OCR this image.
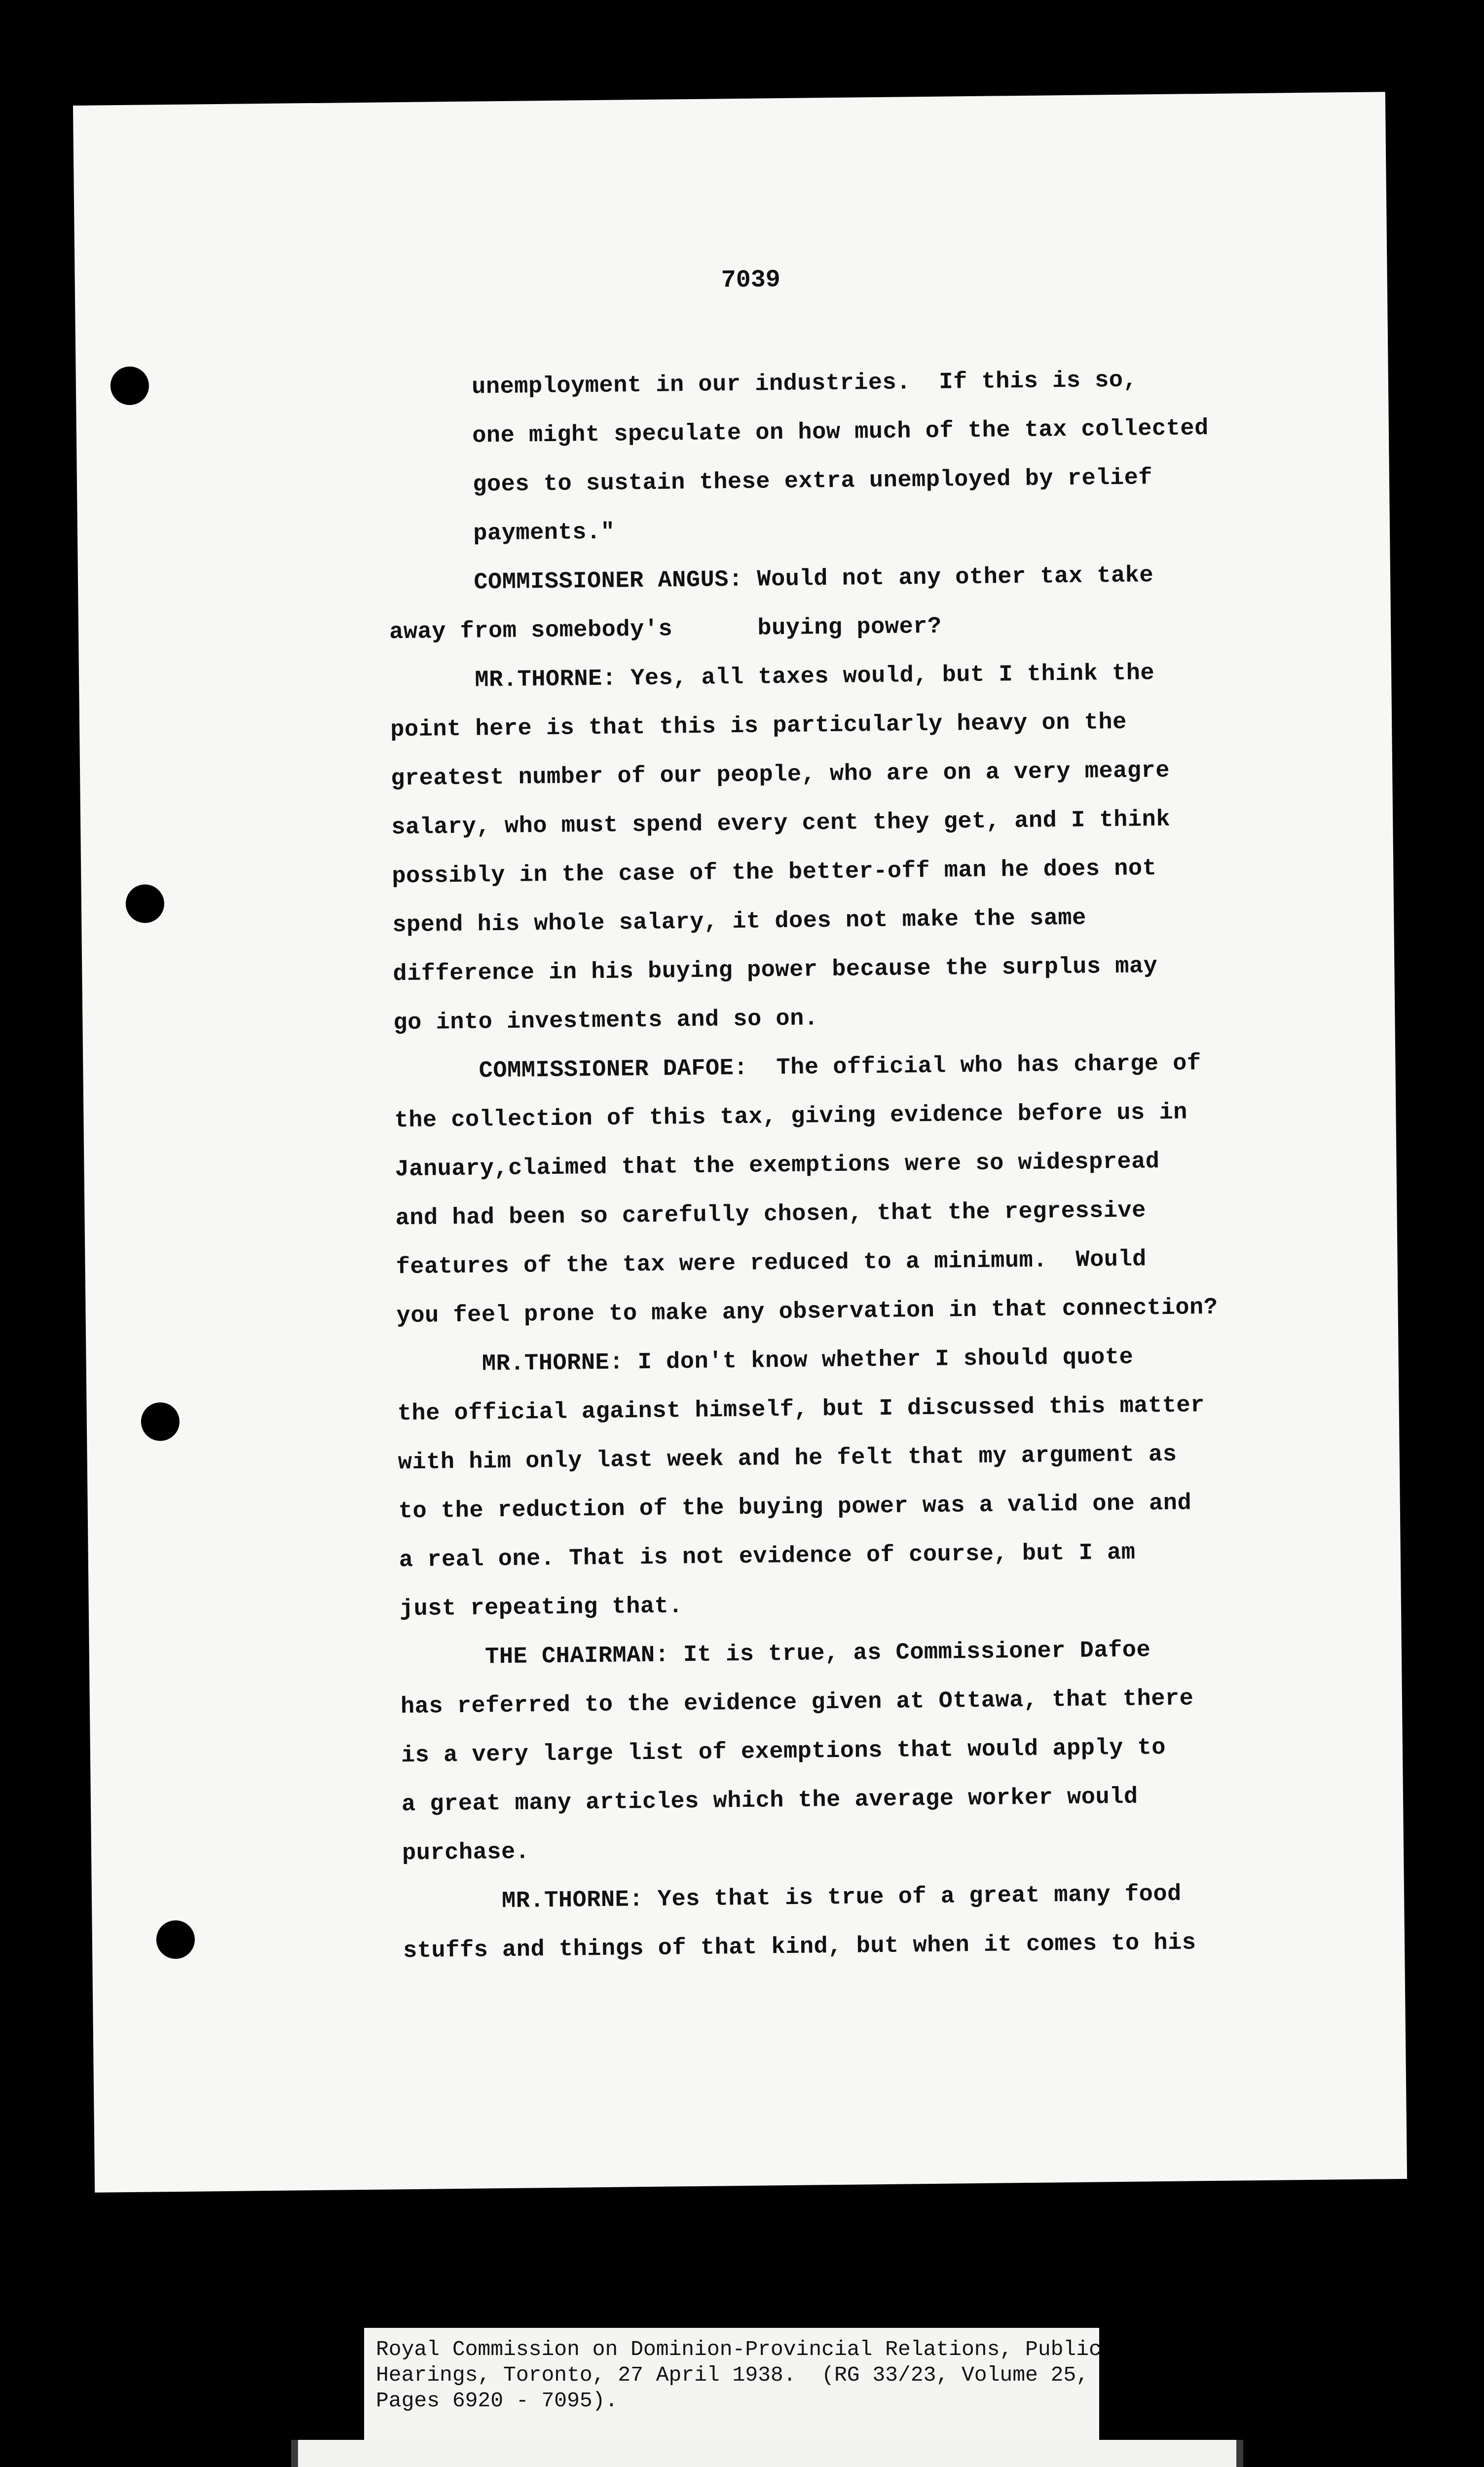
7039

unemployment in our industries.  If this is so,
one might speculate on how much of the tax collected
goes to sustain these extra unemployed by relief
payments."
COMMISSIONER ANGUS: Would not any other tax take
away from somebody's      buying power?
MR.THORNE: Yes, all taxes would, but I think the
point here is that this is particularly heavy on the
greatest number of our people, who are on a very meagre
salary, who must spend every cent they get, and I think
possibly in the case of the better-off man he does not
spend his whole salary, it does not make the same
difference in his buying power because the surplus may
go into investments and so on.
COMMISSIONER DAFOE:  The official who has charge of
the collection of this tax, giving evidence before us in
January,claimed that the exemptions were so widespread
and had been so carefully chosen, that the regressive
features of the tax were reduced to a minimum.  Would
you feel prone to make any observation in that connection?
MR.THORNE: I don't know whether I should quote
the official against himself, but I discussed this matter
with him only last week and he felt that my argument as
to the reduction of the buying power was a valid one and
a real one. That is not evidence of course, but I am
just repeating that.
THE CHAIRMAN: It is true, as Commissioner Dafoe
has referred to the evidence given at Ottawa, that there
is a very large list of exemptions that would apply to
a great many articles which the average worker would
purchase.
MR.THORNE: Yes that is true of a great many food
stuffs and things of that kind, but when it comes to his

Royal Commission on Dominion-Provincial Relations, Public

Hearings, Toronto, 27 April 1938.  (RG 33/23, Volume 25,

Pages 6920 - 7095).
